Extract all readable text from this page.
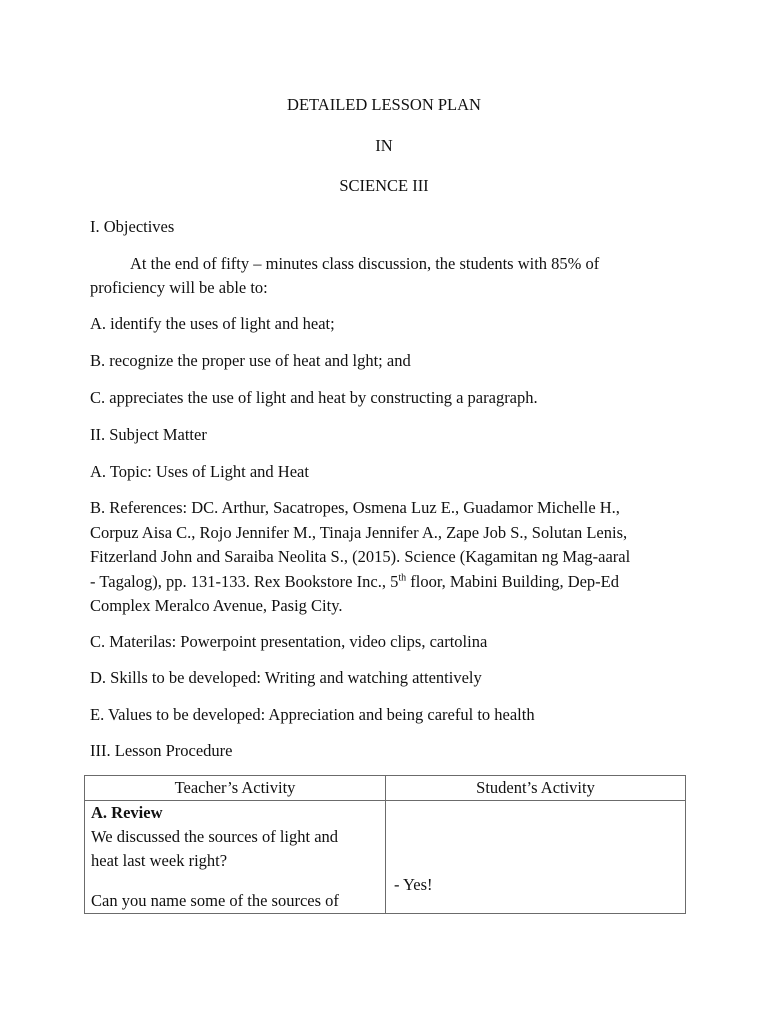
DETAILED LESSON PLAN
IN
SCIENCE III
I. Objectives
At the end of fifty – minutes class discussion, the students with 85% of
proficiency will be able to:
A. identify the uses of light and heat;
B. recognize the proper use of heat and lght; and
C. appreciates the use of light and heat by constructing a paragraph.
II. Subject Matter
A. Topic: Uses of Light and Heat
B. References: DC. Arthur, Sacatropes, Osmena Luz E., Guadamor Michelle H.,
Corpuz Aisa C., Rojo Jennifer M., Tinaja Jennifer A., Zape Job S., Solutan Lenis,
Fitzerland John and Saraiba Neolita S., (2015). Science (Kagamitan ng Mag-aaral
- Tagalog), pp. 131-133. Rex Bookstore Inc., 5th floor, Mabini Building, Dep-Ed
Complex Meralco Avenue, Pasig City.
C. Materilas: Powerpoint presentation, video clips, cartolina
D. Skills to be developed: Writing and watching attentively
E. Values to be developed: Appreciation and being careful to health
III. Lesson Procedure
Teacher’s Activity	Student’s Activity

A. Review
We discussed the sources of light and
heat last week right?
Can you name some of the sources of	- Yes!
